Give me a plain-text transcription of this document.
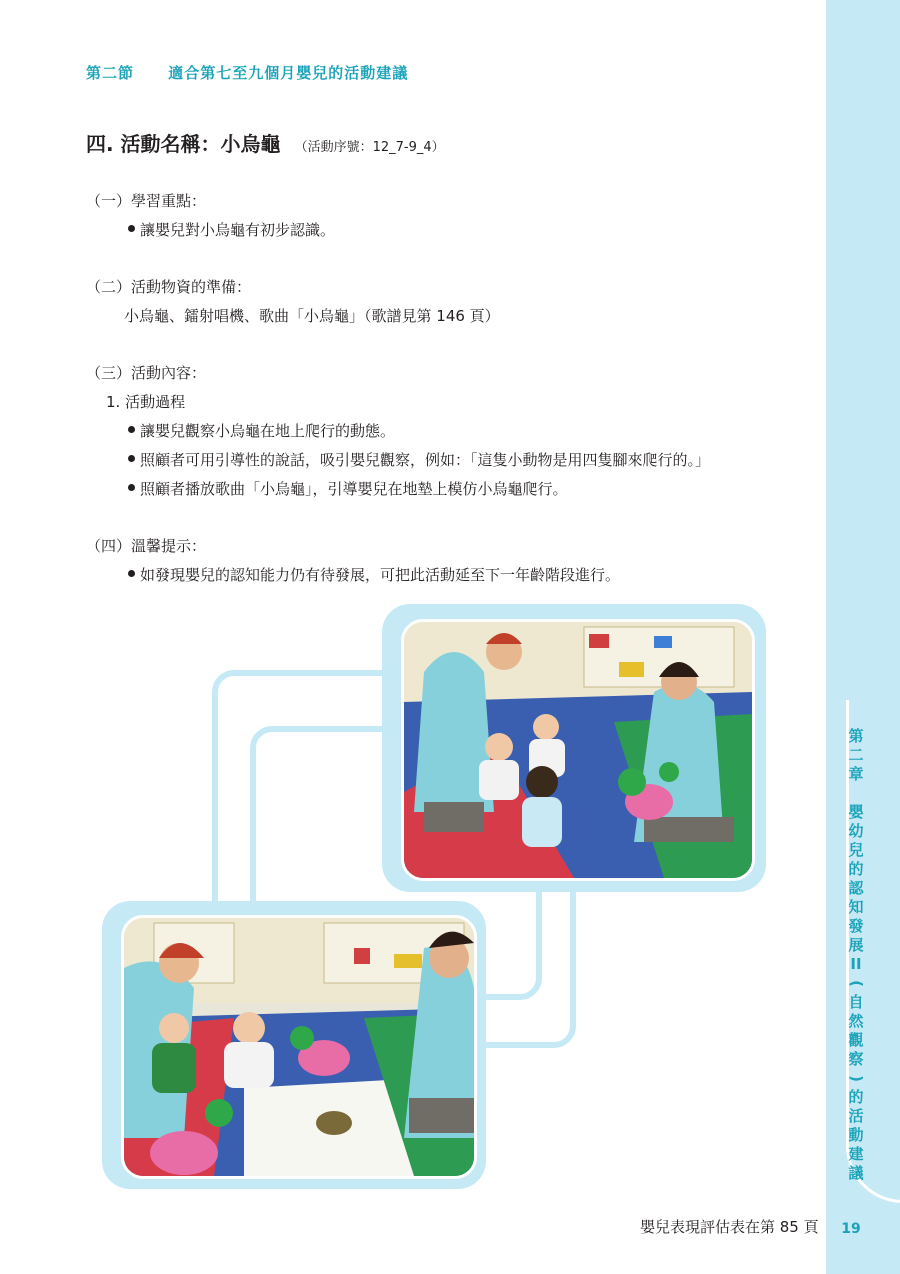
第
二
章

嬰
幼
兒
的
認
知
發
展
II
(
自
然
觀
察
)
的
活
動
建
議
19
第二節 適合第七至九個月嬰兒的活動建議
四. 活動名稱：小烏龜 （活動序號：12_7-9_4）
（一）學習重點：
讓嬰兒對小烏龜有初步認識。
（二）活動物資的準備：
小烏龜、鐳射唱機、歌曲「小烏龜」（歌譜見第 146 頁）
（三）活動內容：
1. 活動過程
讓嬰兒觀察小烏龜在地上爬行的動態。
照顧者可用引導性的說話，吸引嬰兒觀察，例如：「這隻小動物是用四隻腳來爬行的。」
照顧者播放歌曲「小烏龜」，引導嬰兒在地墊上模仿小烏龜爬行。
（四）溫馨提示：
如發現嬰兒的認知能力仍有待發展，可把此活動延至下一年齡階段進行。
嬰兒表現評估表在第 85 頁
